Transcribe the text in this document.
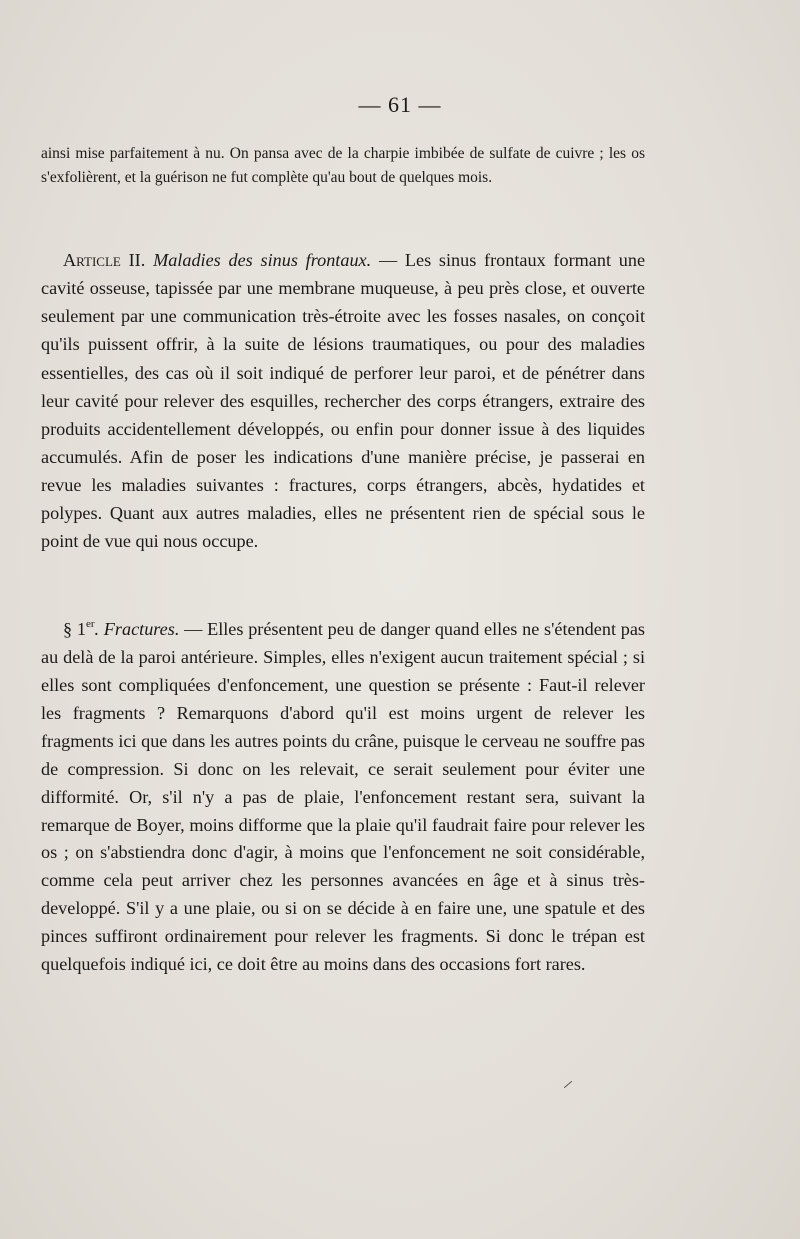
— 61 —

ainsi mise parfaitement à nu. On pansa avec de la charpie imbibée de sulfate de cuivre ; les os s'exfolièrent, et la guérison ne fut complète qu'au bout de quelques mois.

Article II. Maladies des sinus frontaux. — Les sinus frontaux formant une cavité osseuse, tapissée par une membrane muqueuse, à peu près close, et ouverte seulement par une communication très-étroite avec les fosses nasales, on conçoit qu'ils puissent offrir, à la suite de lésions traumatiques, ou pour des maladies essentielles, des cas où il soit indiqué de perforer leur paroi, et de pénétrer dans leur cavité pour relever des esquilles, rechercher des corps étrangers, extraire des produits accidentellement développés, ou enfin pour donner issue à des liquides accumulés. Afin de poser les indications d'une manière précise, je passerai en revue les maladies suivantes : fractures, corps étrangers, abcès, hydatides et polypes. Quant aux autres maladies, elles ne présentent rien de spécial sous le point de vue qui nous occupe.

§ 1er. Fractures. — Elles présentent peu de danger quand elles ne s'étendent pas au delà de la paroi antérieure. Simples, elles n'exigent aucun traitement spécial ; si elles sont compliquées d'enfoncement, une question se présente : Faut-il relever les fragments ? Remarquons d'abord qu'il est moins urgent de relever les fragments ici que dans les autres points du crâne, puisque le cerveau ne souffre pas de compression. Si donc on les relevait, ce serait seulement pour éviter une difformité. Or, s'il n'y a pas de plaie, l'enfoncement restant sera, suivant la remarque de Boyer, moins difforme que la plaie qu'il faudrait faire pour relever les os ; on s'abstiendra donc d'agir, à moins que l'enfoncement ne soit considérable, comme cela peut arriver chez les personnes avancées en âge et à sinus très-developpé. S'il y a une plaie, ou si on se décide à en faire une, une spatule et des pinces suffiront ordinairement pour relever les fragments. Si donc le trépan est quelquefois indiqué ici, ce doit être au moins dans des occasions fort rares.
